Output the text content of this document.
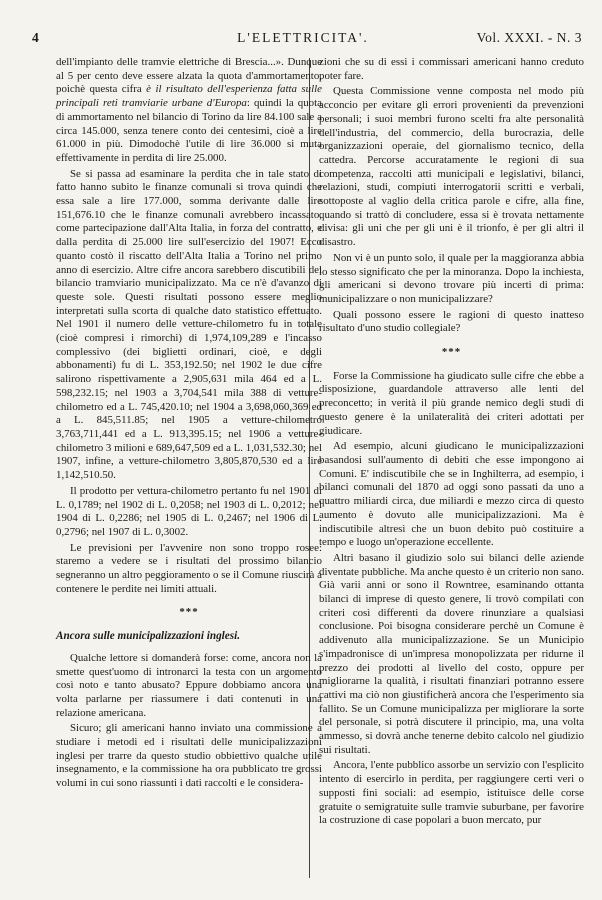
4	L'ELETTRICITA'.	Vol. XXXI. - N. 3

dell'impianto delle tramvie elettriche di Brescia...». Dunque al 5 per cento deve essere alzata la quota d'ammortamento, poichè questa cifra è il risultato dell'esperienza fatta sulle principali reti tramviarie urbane d'Europa: quindi la quota di ammortamento nel bilancio di Torino da lire 84.100 sale a circa 145.000, senza tenere conto dei centesimi, cioè a lire 61.000 in più. Dimodochè l'utile di lire 36.000 si muta effettivamente in perdita di lire 25.000.

Se si passa ad esaminare la perdita che in tale stato di fatto hanno subito le finanze comunali si trova quindi che essa sale a lire 177.000, somma derivante dalle lire 151,676.10 che le finanze comunali avrebbero incassato, come partecipazione dall'Alta Italia, in forza del contratto, e dalla perdita di 25.000 lire sull'esercizio del 1907! Ecco quanto costò il riscatto dell'Alta Italia a Torino nel primo anno di esercizio. Altre cifre ancora sarebbero discutibili del bilancio tramviario municipalizzato. Ma ce n'è d'avanzo di queste sole. Questi risultati possono essere meglio interpretati sulla scorta di qualche dato statistico effettuato. Nel 1901 il numero delle vetture-chilometro fu in totale (cioè compresi i rimorchi) di 1,974,109,289 e l'incasso complessivo (dei biglietti ordinari, cioè, e degli abbonamenti) fu di L. 353,192.50; nel 1902 le due cifre salirono rispettivamente a 2,905,631 mila 464 ed a L. 598,232.15; nel 1903 a 3,704,541 mila 388 di vetture-chilometro ed a L. 745,420.10; nel 1904 a 3,698,060,369 ed a L. 845,511.85; nel 1905 a vetture-chilometro 3,763,711,441 ed a L. 913,395.15; nel 1906 a vetture-chilometro 3 milioni e 689,647,509 ed a L. 1,031,532.30; nel 1907, infine, a vetture-chilometro 3,805,870,530 ed a lire 1,142,510.50.

Il prodotto per vettura-chilometro pertanto fu nel 1901 di L. 0,1789; nel 1902 di L. 0,2058; nel 1903 di L. 0,2012; nel 1904 di L. 0,2286; nel 1905 di L. 0,2467; nel 1906 di L. 0,2796; nel 1907 di L. 0,3002.

Le previsioni per l'avvenire non sono troppo rosee: staremo a vedere se i risultati del prossimo bilancio segneranno un altro peggioramento o se il Comune riuscirà a contenere le perdite nei limiti attuali.

***
Ancora sulle municipalizzazioni inglesi.

Qualche lettore si domanderà forse: come, ancora non la smette quest'uomo di intronarci la testa con un argomento così noto e tanto abusato? Eppure dobbiamo ancora una volta parlarne per riassumere i dati contenuti in una relazione americana.

Sicuro; gli americani hanno inviato una commissione a studiare i metodi ed i risultati delle municipalizzazioni inglesi per trarre da questo studio obbiettivo qualche utile insegnamento, e la commissione ha ora pubblicato tre grossi volumi in cui sono riassunti i dati raccolti e le considera-

zioni che su di essi i commissari americani hanno creduto poter fare.

Questa Commissione venne composta nel modo più acconcio per evitare gli errori provenienti da prevenzioni personali; i suoi membri furono scelti fra alte personalità dell'industria, del commercio, della burocrazia, delle organizzazioni operaie, del giornalismo tecnico, della cattedra. Percorse accuratamente le regioni di sua competenza, raccolti atti municipali e legislativi, bilanci, relazioni, studi, compiuti interrogatorii scritti e verbali, sottoposte al vaglio della critica parole e cifre, alla fine, quando si trattò di concludere, essa si è trovata nettamente divisa: gli uni che per gli uni è il trionfo, è per gli altri il disastro.

Non vi è un punto solo, il quale per la maggioranza abbia lo stesso significato che per la minoranza. Dopo la inchiesta, gli americani si devono trovare più incerti di prima: municipalizzare o non municipalizzare?

Quali possono essere le ragioni di questo inatteso risultato d'uno studio collegiale?

***

Forse la Commissione ha giudicato sulle cifre che ebbe a disposizione, guardandole attraverso alle lenti del preconcetto; in verità il più grande nemico degli studi di questo genere è la unilateralità dei criteri adottati per giudicare.

Ad esempio, alcuni giudicano le municipalizzazioni basandosi sull'aumento di debiti che esse impongono ai Comuni. E' indiscutibile che se in Inghilterra, ad esempio, i bilanci comunali del 1870 ad oggi sono passati da uno a quattro miliardi circa, due miliardi e mezzo circa di questo aumento è dovuto alle municipalizzazioni. Ma è indiscutibile altresì che un buon debito può costituire a tempo e luogo un'operazione eccellente.

Altri basano il giudizio solo sui bilanci delle aziende diventate pubbliche. Ma anche questo è un criterio non sano. Già varii anni or sono il Rowntree, esaminando ottanta bilanci di imprese di questo genere, li trovò compilati con criteri così differenti da dovere rinunziare a qualsiasi conclusione. Poi bisogna considerare perchè un Comune è addivenuto alla municipalizzazione. Se un Municipio s'impadronisce di un'impresa monopolizzata per ridurne il prezzo dei prodotti al livello del costo, oppure per migliorarne la qualità, i risultati finanziari potranno essere cattivi ma ciò non giustificherà ancora che l'esperimento sia fallito. Se un Comune municipalizza per migliorare la sorte del personale, si potrà discutere il principio, ma, una volta ammesso, si dovrà anche tenerne debito calcolo nel giudizio sui risultati.

Ancora, l'ente pubblico assorbe un servizio con l'esplicito intento di esercirlo in perdita, per raggiungere certi veri o supposti fini sociali: ad esempio, istituisce delle corse gratuite o semigratuite sulle tramvie suburbane, per favorire la costruzione di case popolari a buon mercato, pur
